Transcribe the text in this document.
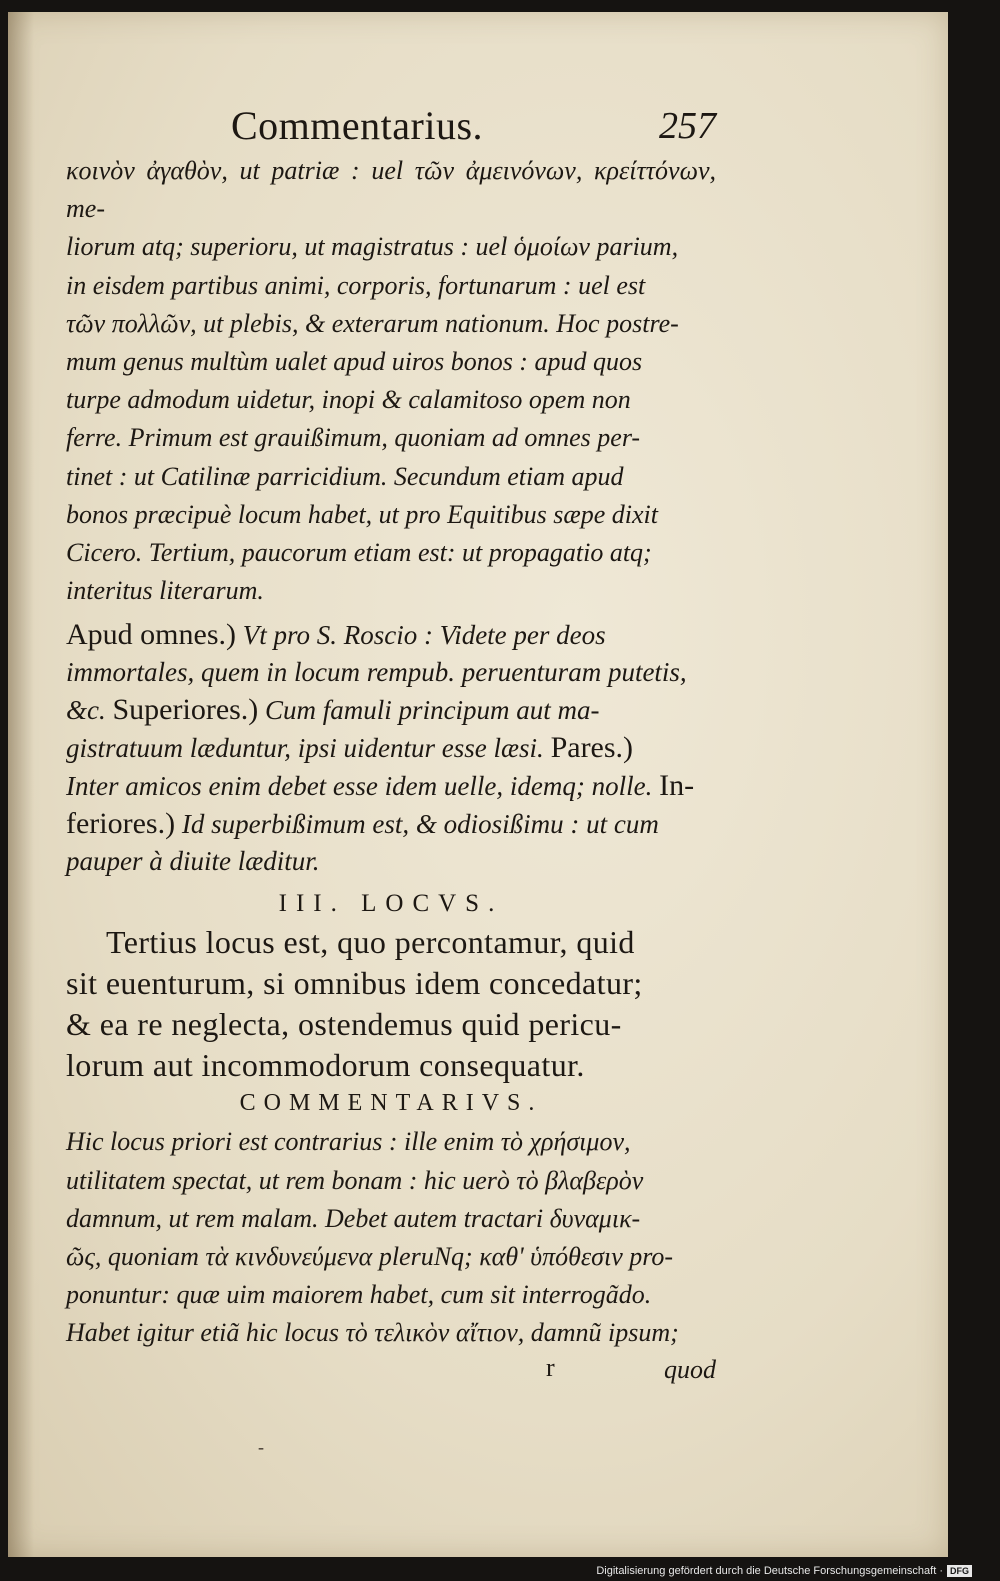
Commentarius.	257

κοινὸν ἀγαθὸν, ut patriæ : uel τῶν ἀμεινόνων, κρείττόνων, me-

liorum atq; superioru, ut magistratus : uel ὁμοίων parium,

in eisdem partibus animi, corporis, fortunarum : uel est

τῶν πολλῶν, ut plebis, & exterarum nationum. Hoc postre-

mum genus multùm ualet apud uiros bonos : apud quos

turpe admodum uidetur, inopi & calamitoso opem non

ferre. Primum est grauißimum, quoniam ad omnes per-

tinet : ut Catilinæ parricidium. Secundum etiam apud

bonos præcipuè locum habet, ut pro Equitibus sæpe dixit

Cicero. Tertium, paucorum etiam est: ut propagatio atq;

interitus literarum.

Apud omnes.) Vt pro S. Roscio : Videte per deos

immortales, quem in locum rempub. peruenturam putetis,

&c. Superiores.) Cum famuli principum aut ma-

gistratuum læduntur, ipsi uidentur esse læsi. Pares.)

Inter amicos enim debet esse idem uelle, idemq; nolle. In-

feriores.) Id superbißimum est, & odiosißimu : ut cum

pauper à diuite læditur.

III. LOCVS.

Tertius locus est, quo percontamur, quid

sit euenturum, si omnibus idem concedatur;

& ea re neglecta, ostendemus quid pericu-

lorum aut incommodorum consequatur.

COMMENTARIVS.

Hic locus priori est contrarius : ille enim τὸ χρήσιμον,

utilitatem spectat, ut rem bonam : hic uerò τὸ βλαβερὸν

damnum, ut rem malam. Debet autem tractari δυναμικ-

ῶς, quoniam τὰ κινδυνεύμενα pleruNq; καθ' ὑπόθεσιν pro-

ponuntur: quæ uim maiorem habet, cum sit interrogãdo.

Habet igitur etiã hic locus τὸ τελικὸν αἴτιον, damnũ ipsum;

r	quod
-
Digitalisierung gefördert durch die Deutsche Forschungsgemeinschaft · DFG
